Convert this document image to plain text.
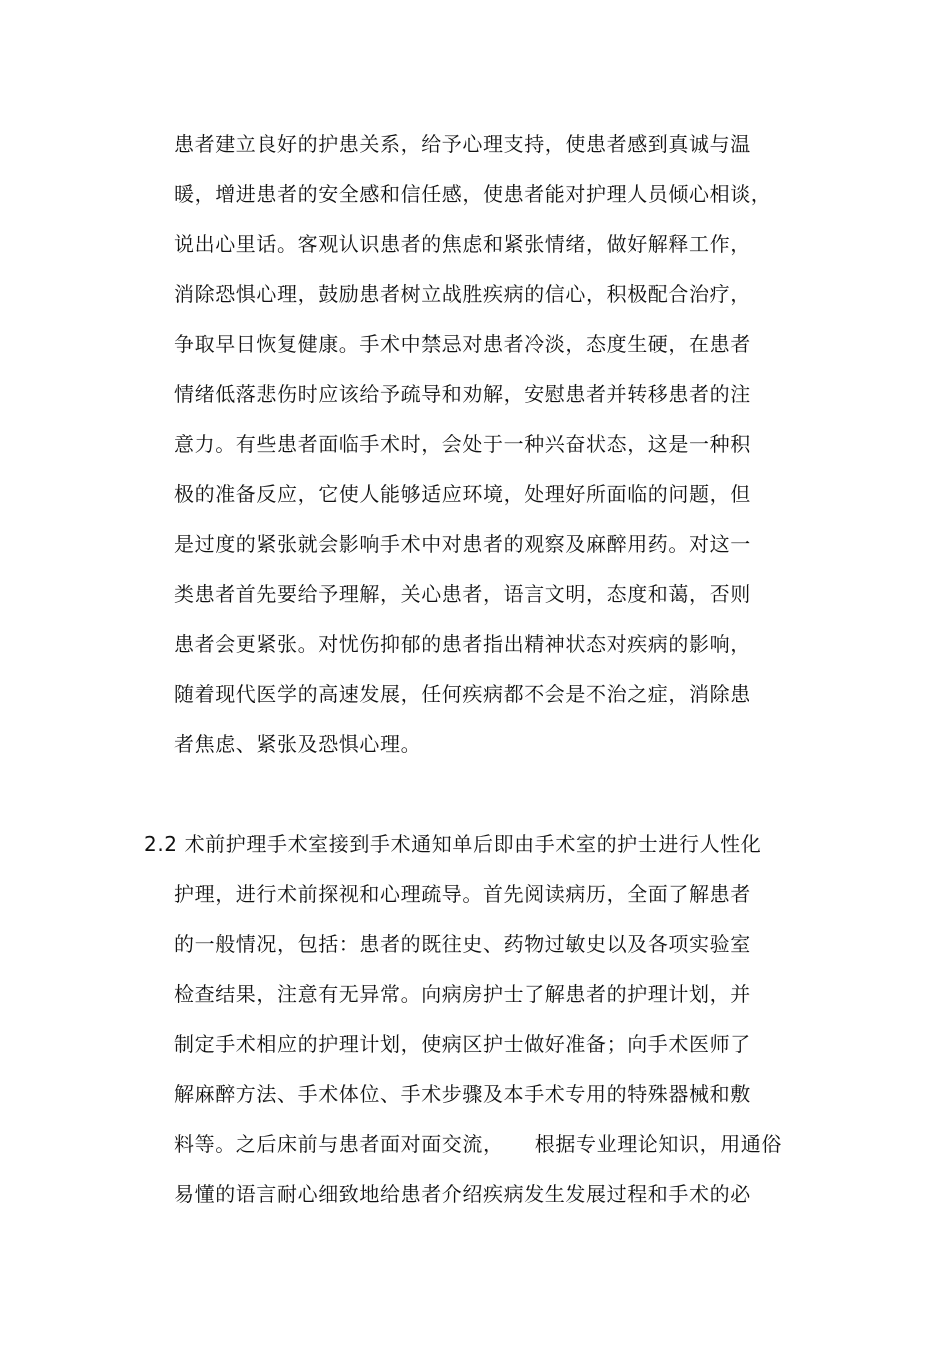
患者建立良好的护患关系，给予心理支持，使患者感到真诚与温
暖，增进患者的安全感和信任感，使患者能对护理人员倾心相谈，
说出心里话。客观认识患者的焦虑和紧张情绪，做好解释工作，
消除恐惧心理，鼓励患者树立战胜疾病的信心，积极配合治疗，
争取早日恢复健康。手术中禁忌对患者冷淡，态度生硬，在患者
情绪低落悲伤时应该给予疏导和劝解，安慰患者并转移患者的注
意力。有些患者面临手术时，会处于一种兴奋状态，这是一种积
极的准备反应，它使人能够适应环境，处理好所面临的问题，但
是过度的紧张就会影响手术中对患者的观察及麻醉用药。对这一
类患者首先要给予理解，关心患者，语言文明，态度和蔼，否则
患者会更紧张。对忧伤抑郁的患者指出精神状态对疾病的影响，
随着现代医学的高速发展，任何疾病都不会是不治之症，消除患
者焦虑、紧张及恐惧心理。
2.2 术前护理手术室接到手术通知单后即由手术室的护士进行人性化
护理，进行术前探视和心理疏导。首先阅读病历，全面了解患者
的一般情况，包括：患者的既往史、药物过敏史以及各项实验室
检查结果，注意有无异常。向病房护士了解患者的护理计划，并
制定手术相应的护理计划，使病区护士做好准备；向手术医师了
解麻醉方法、手术体位、手术步骤及本手术专用的特殊器械和敷
料等。之后床前与患者面对面交流，　　根据专业理论知识，用通俗
易懂的语言耐心细致地给患者介绍疾病发生发展过程和手术的必
